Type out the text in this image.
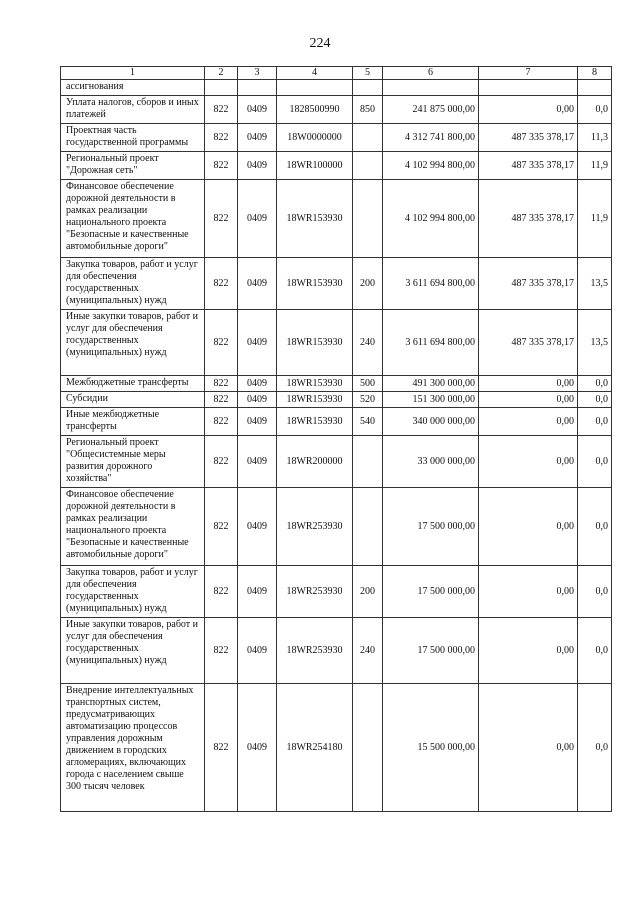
224
1	2	3	4	5	6	7	8
ассигнования							
Уплата налогов, сборов и иных платежей	822	0409	1828500990	850	241 875 000,00	0,00	0,0
Проектная часть государственной программы	822	0409	18W0000000		4 312 741 800,00	487 335 378,17	11,3
Региональный проект "Дорожная сеть"	822	0409	18WR100000		4 102 994 800,00	487 335 378,17	11,9
Финансовое обеспечение дорожной деятельности в рамках реализации национального проекта "Безопасные и качественные автомобильные дороги"	822	0409	18WR153930		4 102 994 800,00	487 335 378,17	11,9
Закупка товаров, работ и услуг для обеспечения государственных (муниципальных) нужд	822	0409	18WR153930	200	3 611 694 800,00	487 335 378,17	13,5
Иные закупки товаров, работ и услуг для обеспечения государственных (муниципальных) нужд	822	0409	18WR153930	240	3 611 694 800,00	487 335 378,17	13,5
Межбюджетные трансферты	822	0409	18WR153930	500	491 300 000,00	0,00	0,0
Субсидии	822	0409	18WR153930	520	151 300 000,00	0,00	0,0
Иные межбюджетные трансферты	822	0409	18WR153930	540	340 000 000,00	0,00	0,0
Региональный проект "Общесистемные меры развития дорожного хозяйства"	822	0409	18WR200000		33 000 000,00	0,00	0,0
Финансовое обеспечение дорожной деятельности в рамках реализации национального проекта "Безопасные и качественные автомобильные дороги"	822	0409	18WR253930		17 500 000,00	0,00	0,0
Закупка товаров, работ и услуг для обеспечения государственных (муниципальных) нужд	822	0409	18WR253930	200	17 500 000,00	0,00	0,0
Иные закупки товаров, работ и услуг для обеспечения государственных (муниципальных) нужд	822	0409	18WR253930	240	17 500 000,00	0,00	0,0
Внедрение интеллектуальных транспортных систем, предусматривающих автоматизацию процессов управления дорожным движением в городских агломерациях, включающих города с населением свыше 300 тысяч человек	822	0409	18WR254180		15 500 000,00	0,00	0,0
